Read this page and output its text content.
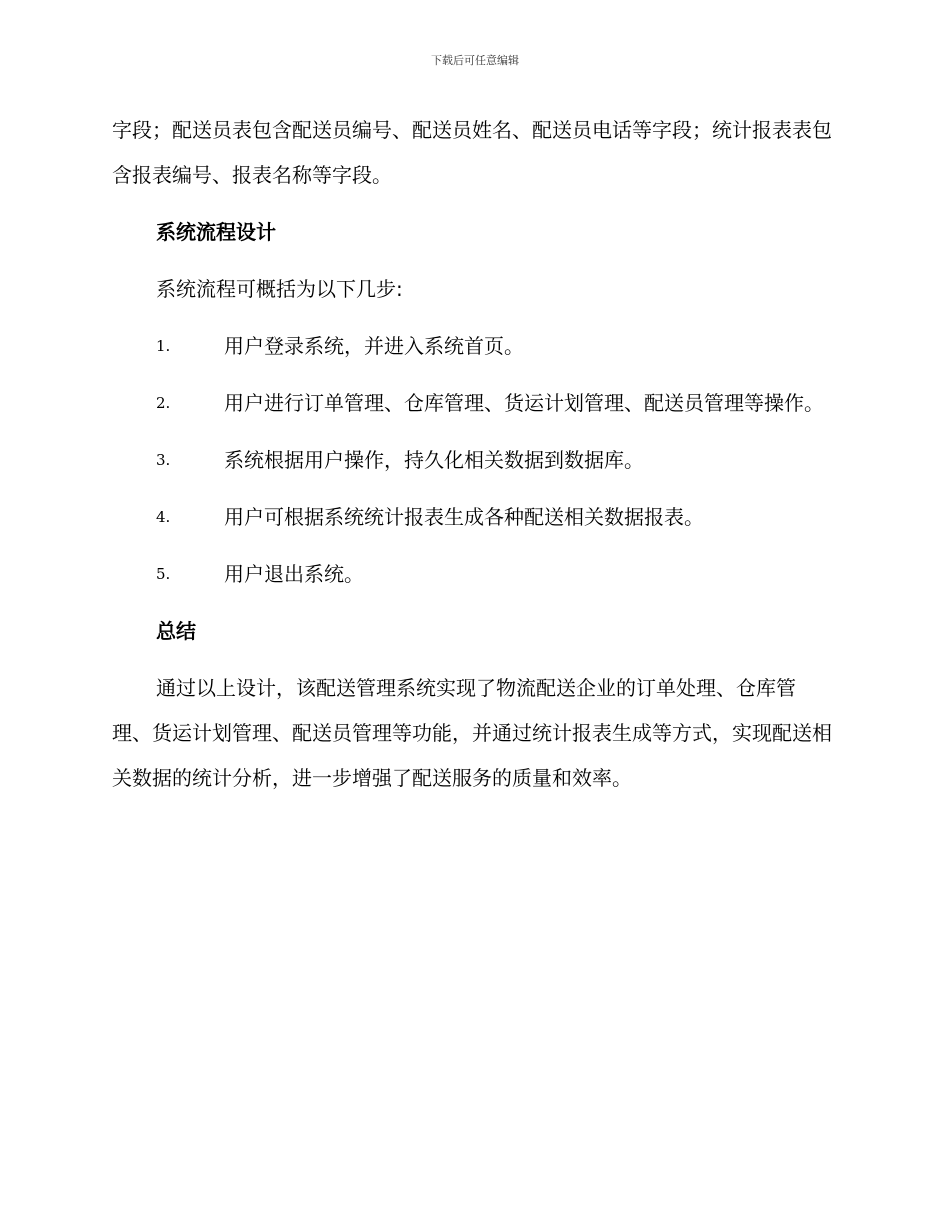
下载后可任意编辑

字段；配送员表包含配送员编号、配送员姓名、配送员电话等字段；统计报表表包含报表编号、报表名称等字段。

系统流程设计

系统流程可概括为以下几步:

1.	用户登录系统，并进入系统首页。
2.	用户进行订单管理、仓库管理、货运计划管理、配送员管理等操作。
3.	系统根据用户操作，持久化相关数据到数据库。
4.	用户可根据系统统计报表生成各种配送相关数据报表。
5.	用户退出系统。
总结

通过以上设计，该配送管理系统实现了物流配送企业的订单处理、仓库管理、货运计划管理、配送员管理等功能，并通过统计报表生成等方式，实现配送相关数据的统计分析，进一步增强了配送服务的质量和效率。
